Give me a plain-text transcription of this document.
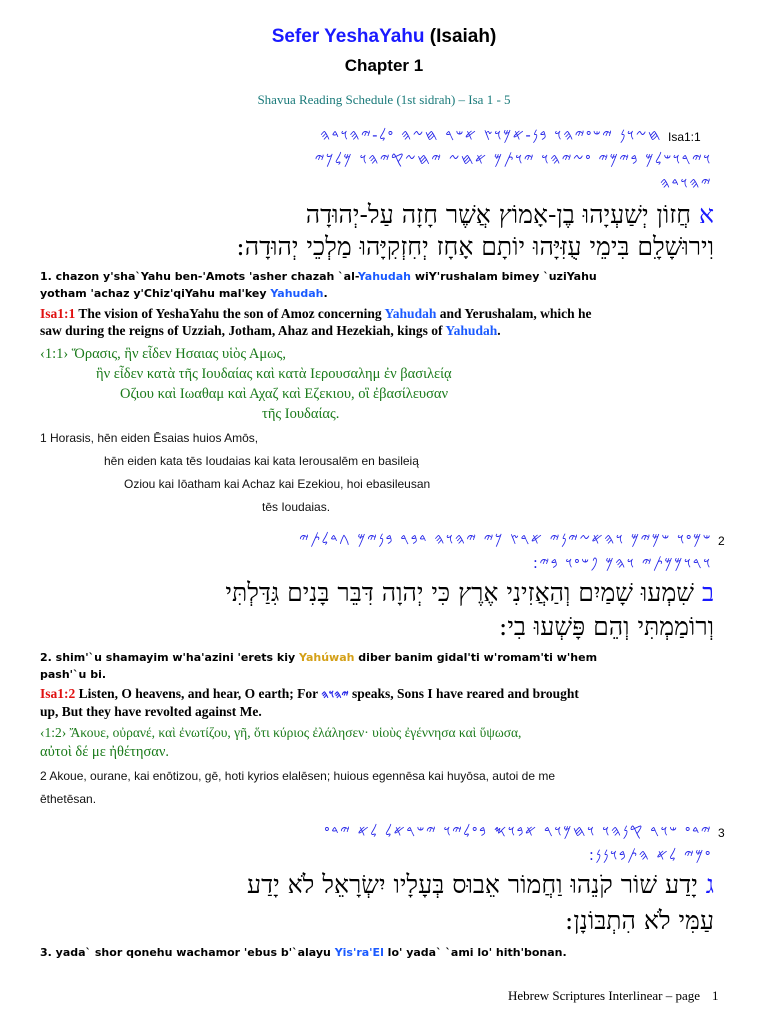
Sefer YeshaYahu (Isaiah)
Chapter 1
Shavua Reading Schedule (1st sidrah) – Isa 1 - 5
𐤇𐤆𐤅𐤍 𐤉𐤔𐤏𐤉𐤄𐤅 𐤁𐤍-𐤀𐤌𐤅𐤑 𐤀𐤔𐤓 𐤇𐤆𐤄 𐤏𐤋-𐤉𐤄𐤅𐤃𐤄 Isa1:1
𐤅𐤉𐤓𐤅𐤔𐤋𐤌 𐤁𐤉𐤌𐤉 𐤏𐤆𐤉𐤄𐤅 𐤉𐤅𐤕𐤌 𐤀𐤇𐤆 𐤉𐤇𐤆𐤒𐤉𐤄𐤅 𐤌𐤋𐤊𐤉
𐤉𐤄𐤅𐤃𐤄
א חֲזוֹן יְשַׁעְיָהוּ בֶן-אָמוֹץ אֲשֶׁר חָזָה עַל-יְהוּדָה
וִירוּשָׁלִָם בִּימֵי עֻזִּיָּהוּ יוֹתָם אָחָז יְחִזְקִיָּהוּ מַלְכֵי יְהוּדָה:
1. chazon y'sha`Yahu ben-'Amots 'asher chazah `al-Yahudah wiY'rushalam bimey `uziYahu
yotham 'achaz y'Chiz'qiYahu mal'key Yahudah.
Isa1:1 The vision of YeshaYahu the son of Amoz concerning Yahudah and Yerushalam, which he
saw during the reigns of Uzziah, Jotham, Ahaz and Hezekiah, kings of Yahudah.
‹1:1› Ὅρασις, ἣν εἶδεν Ησαιας υἱὸς Αμως,
ἣν εἶδεν κατὰ τῆς Ιουδαίας καὶ κατὰ Ιερουσαλημ ἐν βασιλείᾳ
Οζιου καὶ Ιωαθαμ καὶ Αχαζ καὶ Εζεκιου, οἳ ἐβασίλευσαν
τῆς Ιουδαίας.
1 Horasis, hēn eiden Ēsaias huios Amōs,
hēn eiden kata tēs Ioudaias kai kata Ierousalēm en basileią
Oziou kai Iōatham kai Achaz kai Ezekiou, hoi ebasileusan
tēs Ioudaias.
𐤔𐤌𐤏𐤅 𐤔𐤌𐤉𐤌 𐤅𐤄𐤀𐤆𐤉𐤍𐤉 𐤀𐤓𐤑 𐤊𐤉 𐤉𐤄𐤅𐤄 𐤃𐤁𐤓 𐤁𐤍𐤉𐤌 𐤂𐤃𐤋𐤕𐤉 2
𐤅𐤓𐤅𐤌𐤌𐤕𐤉 𐤅𐤄𐤌 𐤐𐤔𐤏𐤅 𐤁𐤉:
ב שִׁמְעוּ שָׁמַיִם וְהַאֲזִינִי אֶרֶץ כִּי יְהוָה דִּבֵּר בָּנִים גִּדַּלְתִּי
וְרוֹמַמְתִּי וְהֵם פָּשְׁעוּ בִי:
2. shim'`u shamayim w'ha'azini 'erets kiy Yahúwah diber banim gidal'ti w'romam'ti w'hem
pash'`u bi.
Isa1:2 Listen, O heavens, and hear, O earth; For 𐤉𐤄𐤅𐤄 speaks, Sons I have reared and brought
up, But they have revolted against Me.
‹1:2› Ἄκουε, οὐρανέ, καὶ ἐνωτίζου, γῆ, ὅτι κύριος ἐλάλησεν· υἱοὺς ἐγέννησα καὶ ὕψωσα,
αὐτοὶ δέ με ἠθέτησαν.
2 Akoue, ourane, kai enōtizou, gē, hoti kyrios elalēsen; huious egennēsa kai huyōsa, autoi de me
ēthetēsan.
𐤉𐤃𐤏 𐤔𐤅𐤓 𐤒𐤍𐤄𐤅 𐤅𐤇𐤌𐤅𐤓 𐤀𐤁𐤅𐤎 𐤁𐤏𐤋𐤉𐤅 𐤉𐤔𐤓𐤀𐤋 𐤋𐤀 𐤉𐤃𐤏 3
𐤏𐤌𐤉 𐤋𐤀 𐤄𐤕𐤁𐤅𐤍𐤍:
ג יָדַע שׁוֹר קֹנֵהוּ וַחֲמוֹר אֵבוּס בְּעָלָיו יִשְׂרָאֵל לֹא יָדַע
עַמִּי לֹא הִתְבּוֹנָן:
3. yada` shor qonehu wachamor 'ebus b'`alayu Yis'ra'El lo' yada` `ami lo' hith'bonan.
Hebrew Scriptures Interlinear – page 1
